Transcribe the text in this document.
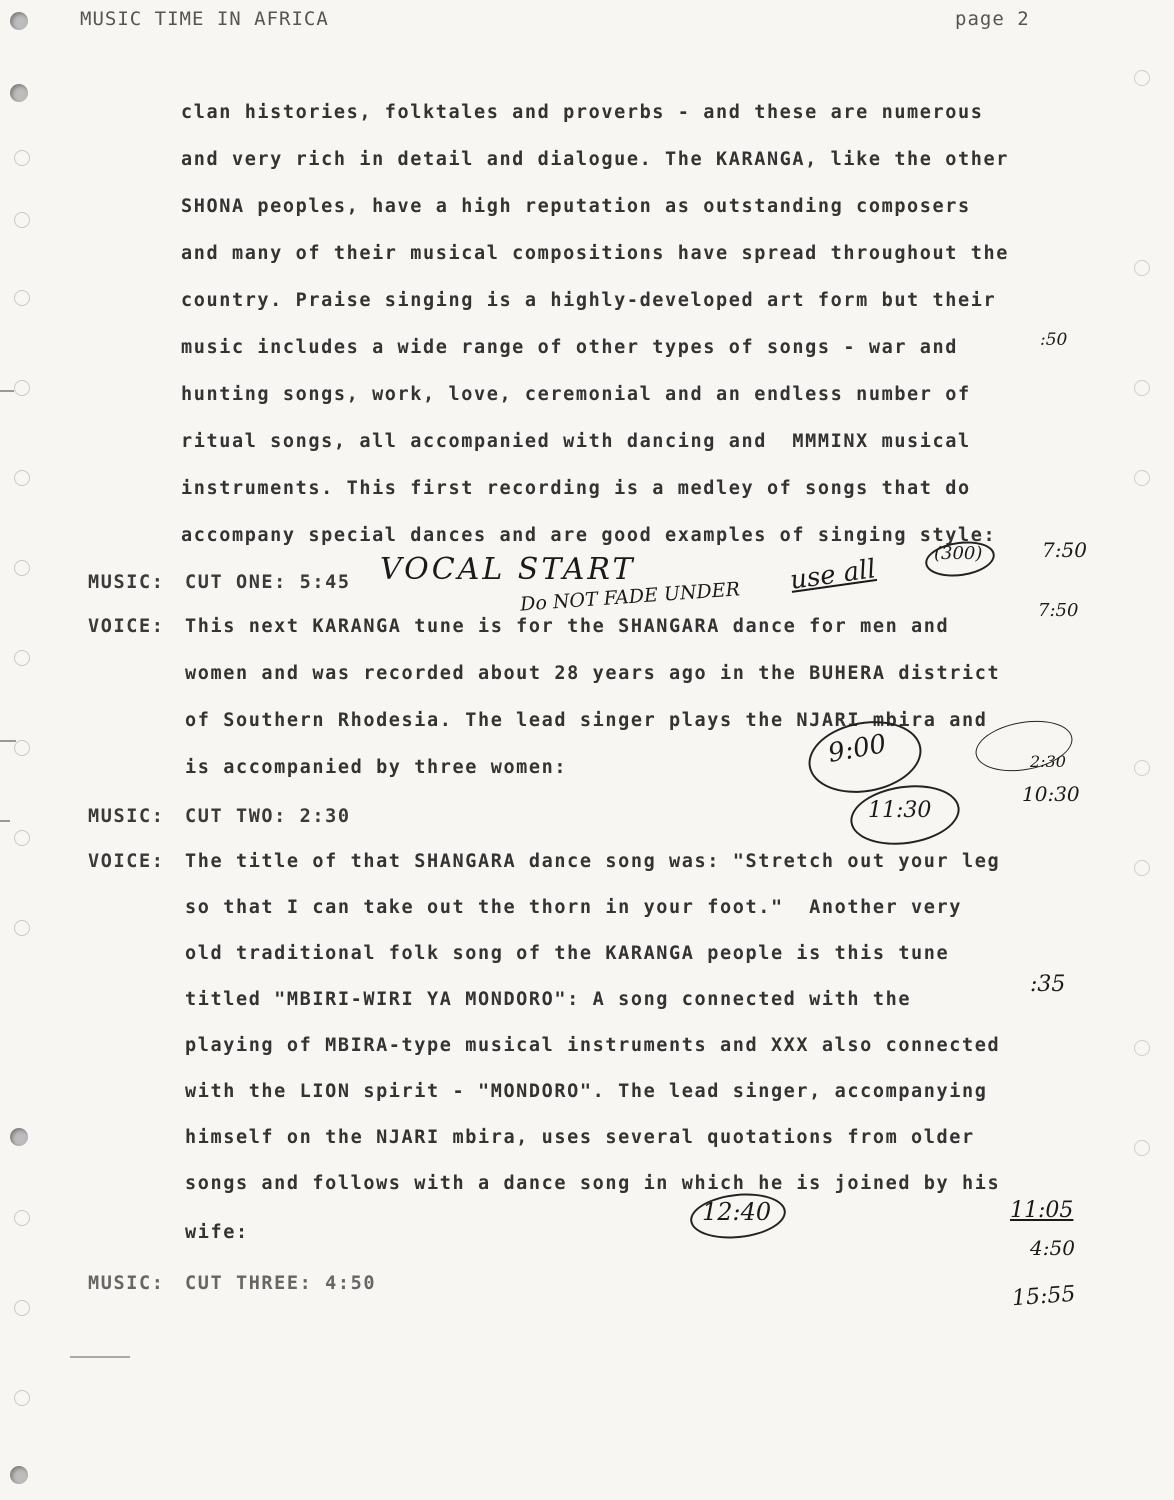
MUSIC TIME IN AFRICA	page 2
clan histories, folktales and proverbs - and these are numerous
and very rich in detail and dialogue. The KARANGA, like the other
SHONA peoples, have a high reputation as outstanding composers
and many of their musical compositions have spread throughout the
country. Praise singing is a highly-developed art form but their
music includes a wide range of other types of songs - war and
hunting songs, work, love, ceremonial and an endless number of
ritual songs, all accompanied with dancing and  MMMINX musical
instruments. This first recording is a medley of songs that do
accompany special dances and are good examples of singing style:
MUSIC: CUT ONE: 5:45
VOICE: This next KARANGA tune is for the SHANGARA dance for men and
women and was recorded about 28 years ago in the BUHERA district
of Southern Rhodesia. The lead singer plays the NJARI mbira and
is accompanied by three women:
MUSIC: CUT TWO: 2:30
VOICE: The title of that SHANGARA dance song was: "Stretch out your leg
so that I can take out the thorn in your foot."  Another very
old traditional folk song of the KARANGA people is this tune
titled "MBIRI-WIRI YA MONDORO": A song connected with the
playing of MBIRA-type musical instruments and XXX also connected
with the LION spirit - "MONDORO". The lead singer, accompanying
himself on the NJARI mbira, uses several quotations from older
songs and follows with a dance song in which he is joined by his
wife:
MUSIC: CUT THREE: 4:50
VOCAL START
Do NOT FADE UNDER
use all
(300)	7:50
7:50
:50
9:00	2:30
10:30
11:30
:35
12:40	11:05
4:50
15:55
